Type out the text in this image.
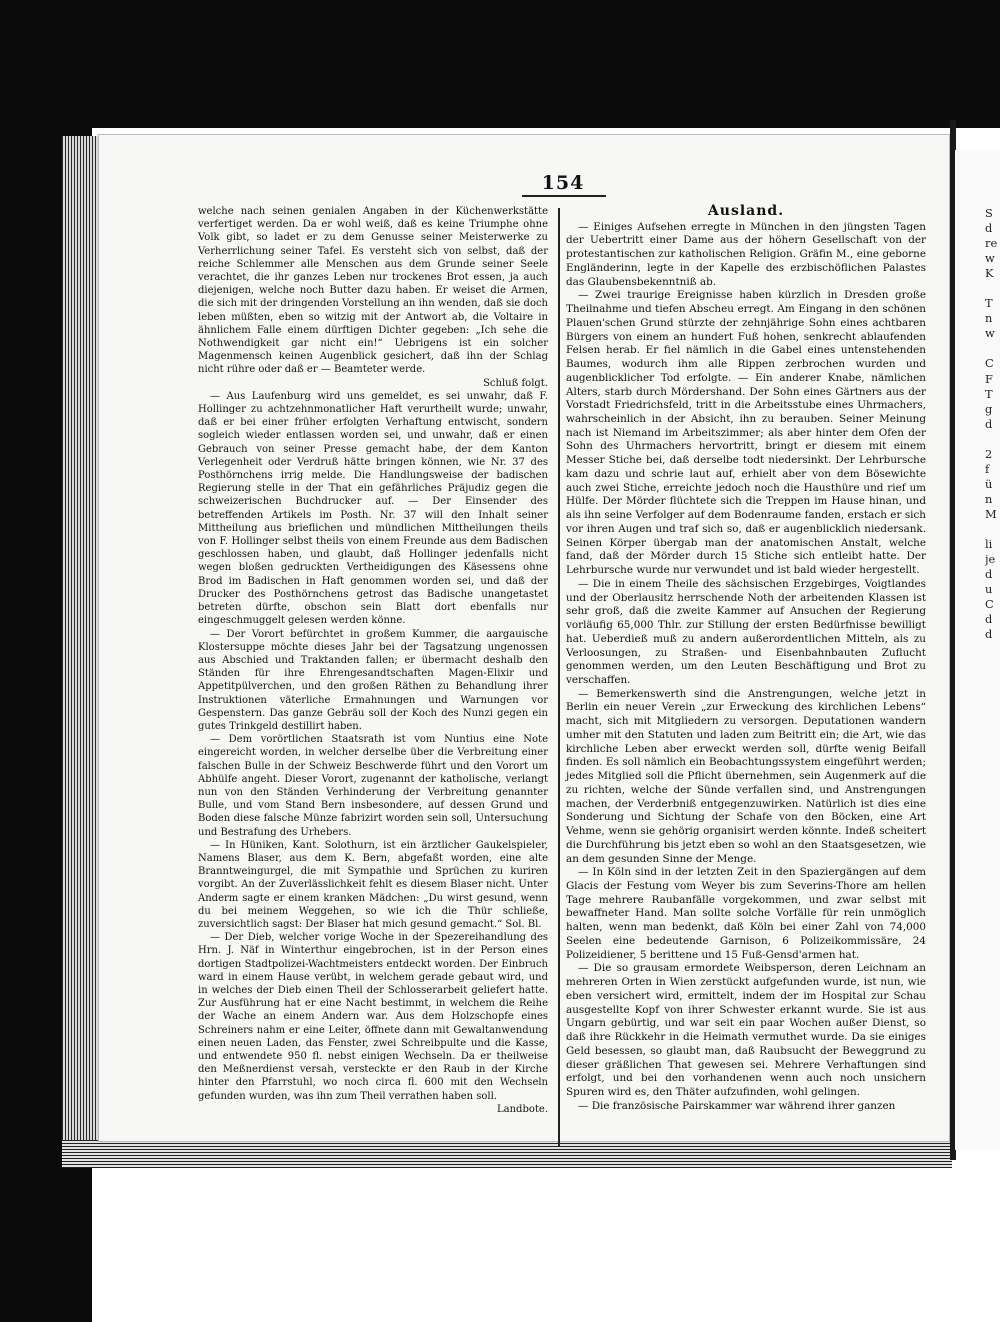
S
d
re
w
K

T
n
w

C
F
T
g
d

2
f
ü
n
M

li
je
d
u
C
d
d
154

welche nach seinen genialen Angaben in der Küchenwerkstätte verfertiget werden. Da er wohl weiß, daß es keine Triumphe ohne Volk gibt, so ladet er zu dem Genusse seiner Meisterwerke zu Verherrlichung seiner Tafel. Es versteht sich von selbst, daß der reiche Schlemmer alle Menschen aus dem Grunde seiner Seele verachtet, die ihr ganzes Leben nur trockenes Brot essen, ja auch diejenigen, welche noch Butter dazu haben. Er weiset die Armen, die sich mit der dringenden Vorstellung an ihn wenden, daß sie doch leben müßten, eben so witzig mit der Antwort ab, die Voltaire in ähnlichem Falle einem dürftigen Dichter gegeben: „Ich sehe die Nothwendigkeit gar nicht ein!“ Uebrigens ist ein solcher Magenmensch keinen Augenblick gesichert, daß ihn der Schlag nicht rühre oder daß er — Beamteter werde.

Schluß folgt.

— Aus Laufenburg wird uns gemeldet, es sei unwahr, daß F. Hollinger zu achtzehnmonatlicher Haft verurtheilt wurde; unwahr, daß er bei einer früher erfolgten Verhaftung entwischt, sondern sogleich wieder entlassen worden sei, und unwahr, daß er einen Gebrauch von seiner Presse gemacht habe, der dem Kanton Verlegenheit oder Verdruß hätte bringen können, wie Nr. 37 des Posthörnchens irrig melde. Die Handlungsweise der badischen Regierung stelle in der That ein gefährliches Präjudiz gegen die schweizerischen Buchdrucker auf. — Der Einsender des betreffenden Artikels im Posth. Nr. 37 will den Inhalt seiner Mittheilung aus brieflichen und mündlichen Mittheilungen theils von F. Hollinger selbst theils von einem Freunde aus dem Badischen geschlossen haben, und glaubt, daß Hollinger jedenfalls nicht wegen bloßen gedruckten Vertheidigungen des Käsessens ohne Brod im Badischen in Haft genommen worden sei, und daß der Drucker des Posthörnchens getrost das Badische unangetastet betreten dürfte, obschon sein Blatt dort ebenfalls nur eingeschmuggelt gelesen werden könne.

— Der Vorort befürchtet in großem Kummer, die aargauische Klostersuppe möchte dieses Jahr bei der Tagsatzung ungenossen aus Abschied und Traktanden fallen; er übermacht deshalb den Ständen für ihre Ehrengesandtschaften Magen-Elixir und Appetitpülverchen, und den großen Räthen zu Behandlung ihrer Instruktionen väterliche Ermahnungen und Warnungen vor Gespenstern. Das ganze Gebräu soll der Koch des Nunzi gegen ein gutes Trinkgeld destillirt haben.

— Dem vorörtlichen Staatsrath ist vom Nuntius eine Note eingereicht worden, in welcher derselbe über die Verbreitung einer falschen Bulle in der Schweiz Beschwerde führt und den Vorort um Abhülfe angeht. Dieser Vorort, zugenannt der katholische, verlangt nun von den Ständen Verhinderung der Verbreitung genannter Bulle, und vom Stand Bern insbesondere, auf dessen Grund und Boden diese falsche Münze fabrizirt worden sein soll, Untersuchung und Bestrafung des Urhebers.

— In Hüniken, Kant. Solothurn, ist ein ärztlicher Gaukelspieler, Namens Blaser, aus dem K. Bern, abgefaßt worden, eine alte Branntweingurgel, die mit Sympathie und Sprüchen zu kuriren vorgibt. An der Zuverlässlichkeit fehlt es diesem Blaser nicht. Unter Anderm sagte er einem kranken Mädchen: „Du wirst gesund, wenn du bei meinem Weggehen, so wie ich die Thür schließe, zuversichtlich sagst: Der Blaser hat mich gesund gemacht.“ Sol. Bl.

— Der Dieb, welcher vorige Woche in der Spezereihandlung des Hrn. J. Näf in Winterthur eingebrochen, ist in der Person eines dortigen Stadtpolizei-Wachtmeisters entdeckt worden. Der Einbruch ward in einem Hause verübt, in welchem gerade gebaut wird, und in welches der Dieb einen Theil der Schlosserarbeit geliefert hatte. Zur Ausführung hat er eine Nacht bestimmt, in welchem die Reihe der Wache an einem Andern war. Aus dem Holzschopfe eines Schreiners nahm er eine Leiter, öffnete dann mit Gewaltanwendung einen neuen Laden, das Fenster, zwei Schreibpulte und die Kasse, und entwendete 950 fl. nebst einigen Wechseln. Da er theilweise den Meßnerdienst versah, versteckte er den Raub in der Kirche hinter den Pfarrstuhl, wo noch circa fl. 600 mit den Wechseln gefunden wurden, was ihn zum Theil verrathen haben soll.

Landbote.

Ausland.

— Einiges Aufsehen erregte in München in den jüngsten Tagen der Uebertritt einer Dame aus der höhern Gesellschaft von der protestantischen zur katholischen Religion. Gräfin M., eine geborne Engländerinn, legte in der Kapelle des erzbischöflichen Palastes das Glaubensbekenntniß ab.

— Zwei traurige Ereignisse haben kürzlich in Dresden große Theilnahme und tiefen Abscheu erregt. Am Eingang in den schönen Plauen'schen Grund stürzte der zehnjährige Sohn eines achtbaren Bürgers von einem an hundert Fuß hohen, senkrecht ablaufenden Felsen herab. Er fiel nämlich in die Gabel eines untenstehenden Baumes, wodurch ihm alle Rippen zerbrochen wurden und augenblicklicher Tod erfolgte. — Ein anderer Knabe, nämlichen Alters, starb durch Mördershand. Der Sohn eines Gärtners aus der Vorstadt Friedrichsfeld, tritt in die Arbeitsstube eines Uhrmachers, wahrscheinlich in der Absicht, ihn zu berauben. Seiner Meinung nach ist Niemand im Arbeitszimmer; als aber hinter dem Ofen der Sohn des Uhrmachers hervortritt, bringt er diesem mit einem Messer Stiche bei, daß derselbe todt niedersinkt. Der Lehrbursche kam dazu und schrie laut auf, erhielt aber von dem Bösewichte auch zwei Stiche, erreichte jedoch noch die Hausthüre und rief um Hülfe. Der Mörder flüchtete sich die Treppen im Hause hinan, und als ihn seine Verfolger auf dem Bodenraume fanden, erstach er sich vor ihren Augen und traf sich so, daß er augenblicklich niedersank. Seinen Körper übergab man der anatomischen Anstalt, welche fand, daß der Mörder durch 15 Stiche sich entleibt hatte. Der Lehrbursche wurde nur verwundet und ist bald wieder hergestellt.

— Die in einem Theile des sächsischen Erzgebirges, Voigtlandes und der Oberlausitz herrschende Noth der arbeitenden Klassen ist sehr groß, daß die zweite Kammer auf Ansuchen der Regierung vorläufig 65,000 Thlr. zur Stillung der ersten Bedürfnisse bewilligt hat. Ueberdieß muß zu andern außerordentlichen Mitteln, als zu Verloosungen, zu Straßen- und Eisenbahnbauten Zuflucht genommen werden, um den Leuten Beschäftigung und Brot zu verschaffen.

— Bemerkenswerth sind die Anstrengungen, welche jetzt in Berlin ein neuer Verein „zur Erweckung des kirchlichen Lebens“ macht, sich mit Mitgliedern zu versorgen. Deputationen wandern umher mit den Statuten und laden zum Beitritt ein; die Art, wie das kirchliche Leben aber erweckt werden soll, dürfte wenig Beifall finden. Es soll nämlich ein Beobachtungssystem eingeführt werden; jedes Mitglied soll die Pflicht übernehmen, sein Augenmerk auf die zu richten, welche der Sünde verfallen sind, und Anstrengungen machen, der Verderbniß entgegenzuwirken. Natürlich ist dies eine Sonderung und Sichtung der Schafe von den Böcken, eine Art Vehme, wenn sie gehörig organisirt werden könnte. Indeß scheitert die Durchführung bis jetzt eben so wohl an den Staatsgesetzen, wie an dem gesunden Sinne der Menge.

— In Köln sind in der letzten Zeit in den Spaziergängen auf dem Glacis der Festung vom Weyer bis zum Severins-Thore am hellen Tage mehrere Raubanfälle vorgekommen, und zwar selbst mit bewaffneter Hand. Man sollte solche Vorfälle für rein unmöglich halten, wenn man bedenkt, daß Köln bei einer Zahl von 74,000 Seelen eine bedeutende Garnison, 6 Polizeikommissäre, 24 Polizeidiener, 5 berittene und 15 Fuß-Gensd'armen hat.

— Die so grausam ermordete Weibsperson, deren Leichnam an mehreren Orten in Wien zerstückt aufgefunden wurde, ist nun, wie eben versichert wird, ermittelt, indem der im Hospital zur Schau ausgestellte Kopf von ihrer Schwester erkannt wurde. Sie ist aus Ungarn gebürtig, und war seit ein paar Wochen außer Dienst, so daß ihre Rückkehr in die Heimath vermuthet wurde. Da sie einiges Geld besessen, so glaubt man, daß Raubsucht der Beweggrund zu dieser gräßlichen That gewesen sei. Mehrere Verhaftungen sind erfolgt, und bei den vorhandenen wenn auch noch unsichern Spuren wird es, den Thäter aufzufinden, wohl gelingen.

— Die französische Pairskammer war während ihrer ganzen
